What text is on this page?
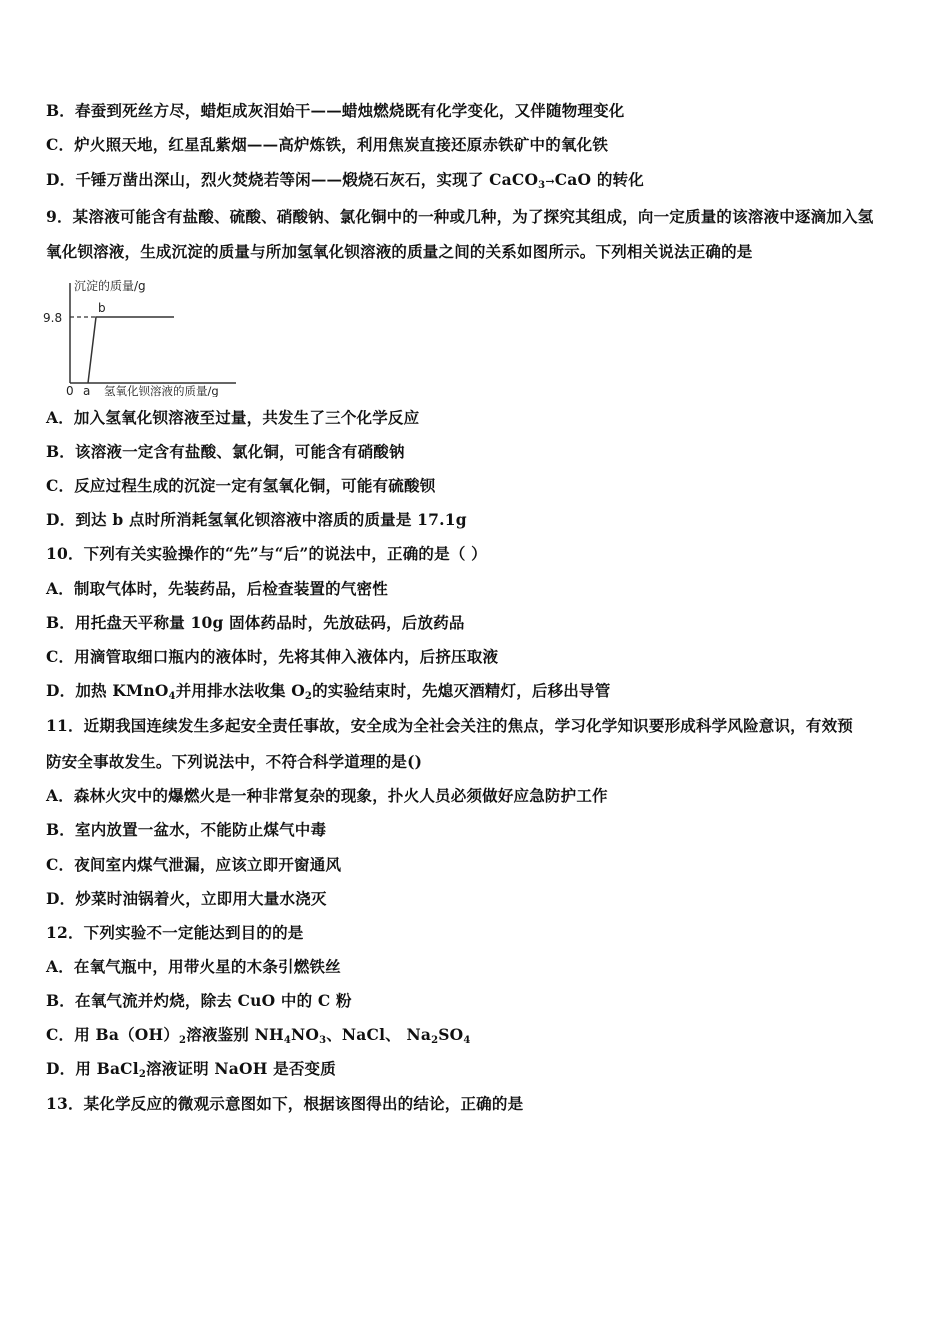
B．春蚕到死丝方尽，蜡炬成灰泪始干——蜡烛燃烧既有化学变化，又伴随物理变化
C．炉火照天地，红星乱紫烟——高炉炼铁，利用焦炭直接还原赤铁矿中的氧化铁
D．千锤万凿出深山，烈火焚烧若等闲——煅烧石灰石，实现了 CaCO$_3$→CaO 的转化
9．某溶液可能含有盐酸、硫酸、硝酸钠、氯化铜中的一种或几种，为了探究其组成，向一定质量的该溶液中逐滴加入氢
氧化钡溶液，生成沉淀的质量与所加氢氧化钡溶液的质量之间的关系如图所示。下列相关说法正确的是
沉淀的质量/g
9.8
b
0 a 氢氧化钡溶液的质量/g
A．加入氢氧化钡溶液至过量，共发生了三个化学反应
B．该溶液一定含有盐酸、氯化铜，可能含有硝酸钠
C．反应过程生成的沉淀一定有氢氧化铜，可能有硫酸钡
D．到达 b 点时所消耗氢氧化钡溶液中溶质的质量是 17.1g
10．下列有关实验操作的“先”与“后”的说法中，正确的是（ ）
A．制取气体时，先装药品，后检查装置的气密性
B．用托盘天平称量 10g 固体药品时，先放砝码，后放药品
C．用滴管取细口瓶内的液体时，先将其伸入液体内，后挤压取液
D．加热 KMnO$_4$并用排水法收集 $O_2$的实验结束时，先熄灭酒精灯，后移出导管
11．近期我国连续发生多起安全责任事故，安全成为全社会关注的焦点，学习化学知识要形成科学风险意识，有效预
防安全事故发生。下列说法中，不符合科学道理的是()
A．森林火灾中的爆燃火是一种非常复杂的现象，扑火人员必须做好应急防护工作
B．室内放置一盆水，不能防止煤气中毒
C．夜间室内煤气泄漏，应该立即开窗通风
D．炒菜时油锅着火，立即用大量水浇灭
12．下列实验不一定能达到目的的是
A．在氧气瓶中，用带火星的木条引燃铁丝
B．在氧气流并灼烧，除去 CuO 中的 C 粉
C．用 $Ba(OH)_2$溶液鉴别 $NH_4NO_3$、NaCl、 $Na_2SO_4$
D．用 BaCl$_2$溶液证明 NaOH 是否变质
13．某化学反应的微观示意图如下，根据该图得出的结论，正确的是
